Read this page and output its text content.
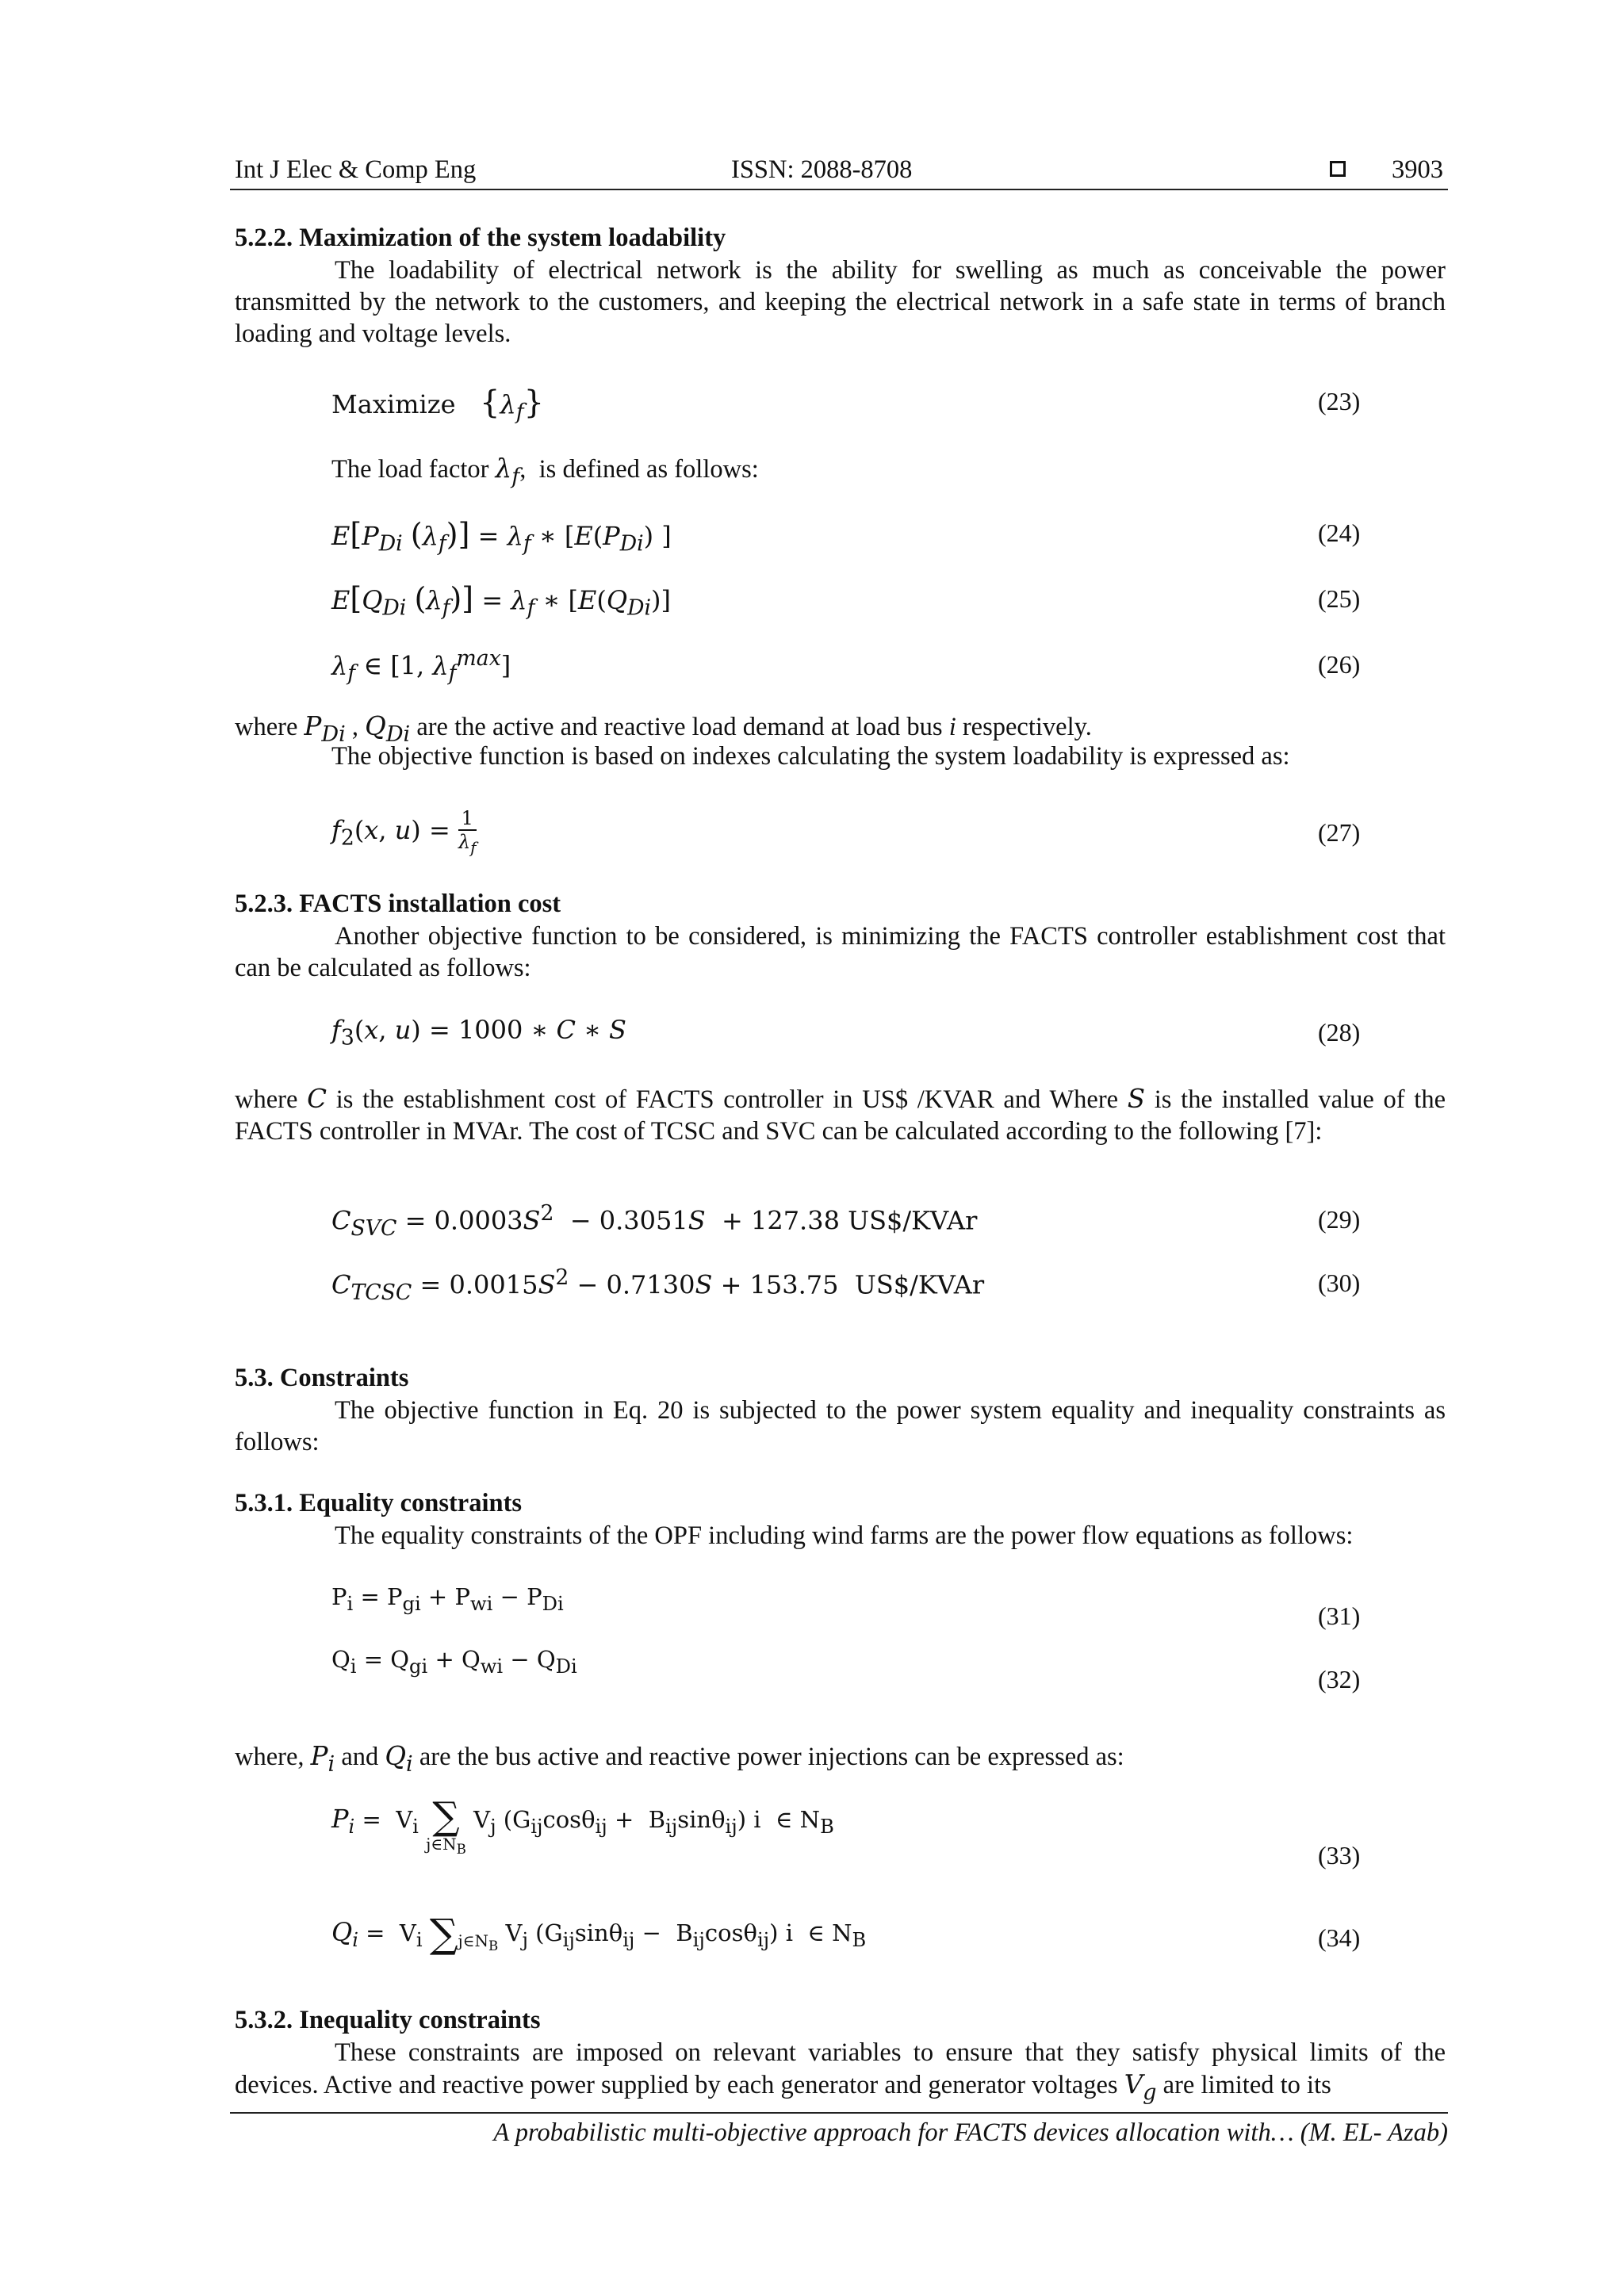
Int J Elec & Comp Eng	ISSN: 2088-8708	3903
5.2.2. Maximization of the system loadability
The loadability of electrical network is the ability for swelling as much as conceivable the power transmitted by the network to the customers, and keeping the electrical network in a safe state in terms of branch loading and voltage levels.
Maximize   $\{\lambda_f\}$	(23)
The load factor $\lambda_f$,  is defined as follows:
$E[P_{Di}$ $(\lambda_f)] = \lambda_f$ ∗ [$E(P_{Di})$ ]	(24)
$E[Q_{Di}$ $(\lambda_f)] = \lambda_f$ ∗ $[E(Q_{Di})]$	(25)
$\lambda_f$ ∈ [1, $\lambda_f^{max}$]	(26)
where $P_{Di}$ , $Q_{Di}$ are the active and reactive load demand at load bus i respectively.
The objective function is based on indexes calculating the system loadability is expressed as:
$f_2(x$, $u) = \frac{1}{\lambda_f}$	(27)
5.2.3. FACTS installation cost
Another objective function to be considered, is minimizing the FACTS controller establishment cost that can be calculated as follows:
$f_3(x$, u) = 1000 ∗ C ∗ S	(28)
where C is the establishment cost of FACTS controller in US$ /KVAR and Where S is the installed value of the FACTS controller in MVAr. The cost of TCSC and SVC can be calculated according to the following [7]:
$C_{SVC} = 0.0003S^2 - 0.3051S + 127.38$ US$/KVAr	(29)
$C_{TCSC} = 0.0015S^2 - 0.7130S + 153.75$  US$/KVAr	(30)
5.3. Constraints
The objective function in Eq. 20 is subjected to the power system equality and inequality constraints as follows:
5.3.1. Equality constraints
The equality constraints of the OPF including wind farms are the power flow equations as follows:
$P_i = P_{gi} + P_{wi} - P_{Di}$	(31)
$Q_i = Q_{gi} + Q_{wi} - Q_{Di}$	(32)
where, $P_i$ and $Q_i$ are the bus active and reactive power injections can be expressed as:
$P_i = V_i$ ∑
$j\in N_B$
$V_j$ $(G_{ij}\cos\theta_{ij} + B_{ij}\sin\theta_{ij})$ i  ∈ $N_B$
(33)
$Q_i = V_i$ $\sum_{j\in N_B}$ $V_j$ $(G_{ij}\sin\theta_{ij} - B_{ij}\cos\theta_{ij})$ i  ∈ $N_B$	(34)
5.3.2. Inequality constraints
These constraints are imposed on relevant variables to ensure that they satisfy physical limits of the devices. Active and reactive power supplied by each generator and generator voltages $V_g$ are limited to its
A probabilistic multi-objective approach for FACTS devices allocation with… (M. EL- Azab)
